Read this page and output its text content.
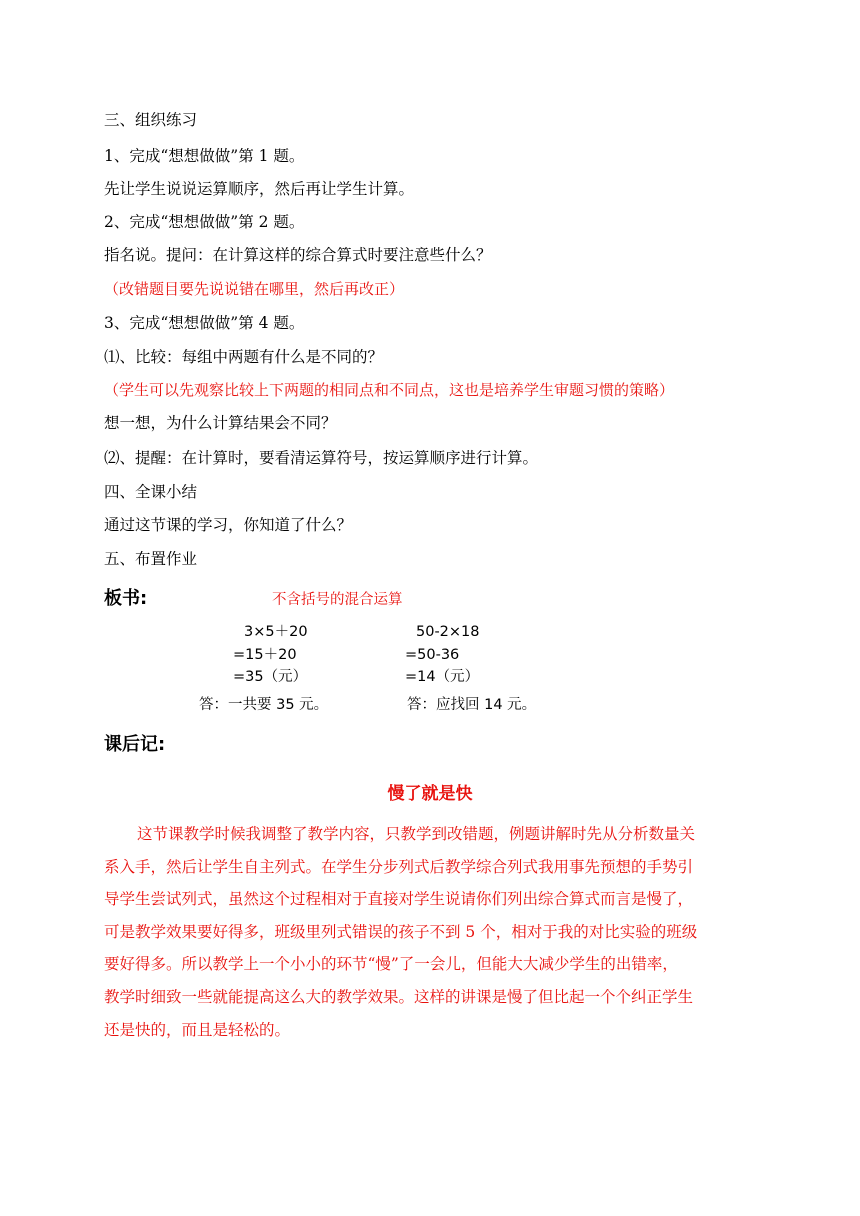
三、组织练习
1、完成“想想做做”第 1 题。
先让学生说说运算顺序，然后再让学生计算。
2、完成“想想做做”第 2 题。
指名说。提问：在计算这样的综合算式时要注意些什么？
（改错题目要先说说错在哪里，然后再改正）
3、完成“想想做做”第 4 题。
⑴、比较：每组中两题有什么是不同的？
（学生可以先观察比较上下两题的相同点和不同点，这也是培养学生审题习惯的策略）
想一想，为什么计算结果会不同？
⑵、提醒：在计算时，要看清运算符号，按运算顺序进行计算。
四、全课小结
通过这节课的学习，你知道了什么？
五、布置作业
板书:	不含括号的混合运算
3×5＋20
=15＋20
=35（元）
答：一共要 35 元。
50-2×18
=50-36
=14（元）
答：应找回 14 元。
课后记:
慢了就是快
这节课教学时候我调整了教学内容，只教学到改错题，例题讲解时先从分析数量关
系入手，然后让学生自主列式。在学生分步列式后教学综合列式我用事先预想的手势引
导学生尝试列式，虽然这个过程相对于直接对学生说请你们列出综合算式而言是慢了，
可是教学效果要好得多，班级里列式错误的孩子不到 5 个，相对于我的对比实验的班级
要好得多。所以教学上一个小小的环节“慢”了一会儿，但能大大减少学生的出错率，
教学时细致一些就能提高这么大的教学效果。这样的讲课是慢了但比起一个个纠正学生
还是快的，而且是轻松的。
